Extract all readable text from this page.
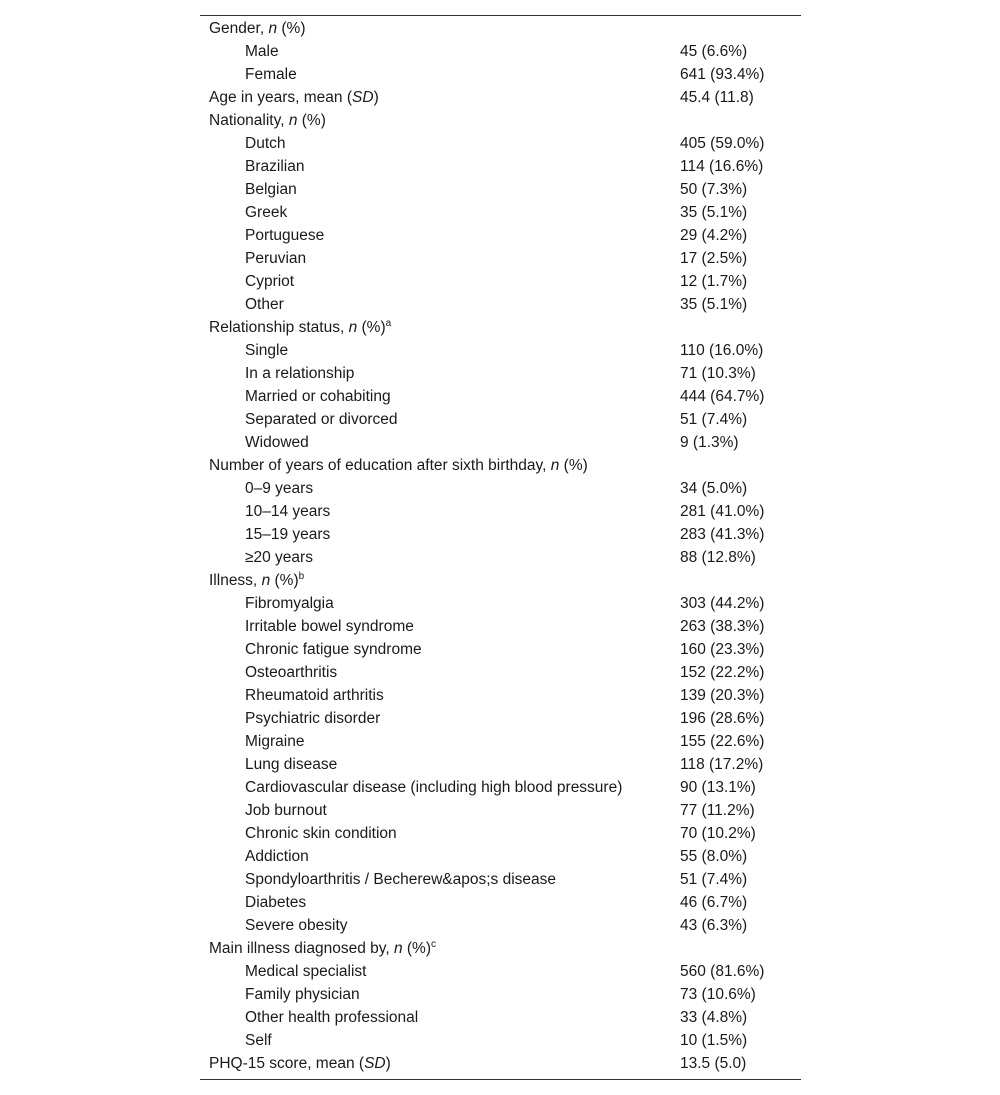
Gender, n (%)
Male	45 (6.6%)
Female	641 (93.4%)
Age in years, mean (SD)	45.4 (11.8)
Nationality, n (%)
Dutch	405 (59.0%)
Brazilian	114 (16.6%)
Belgian	50 (7.3%)
Greek	35 (5.1%)
Portuguese	29 (4.2%)
Peruvian	17 (2.5%)
Cypriot	12 (1.7%)
Other	35 (5.1%)
Relationship status, n (%)$^a$
Single	110 (16.0%)
In a relationship	71 (10.3%)
Married or cohabiting	444 (64.7%)
Separated or divorced	51 (7.4%)
Widowed	9 (1.3%)
Number of years of education after sixth birthday, n (%)
0–9 years	34 (5.0%)
10–14 years	281 (41.0%)
15–19 years	283 (41.3%)
≥20 years	88 (12.8%)
Illness, n (%)$^b$
Fibromyalgia	303 (44.2%)
Irritable bowel syndrome	263 (38.3%)
Chronic fatigue syndrome	160 (23.3%)
Osteoarthritis	152 (22.2%)
Rheumatoid arthritis	139 (20.3%)
Psychiatric disorder	196 (28.6%)
Migraine	155 (22.6%)
Lung disease	118 (17.2%)
Cardiovascular disease (including high blood pressure)	90 (13.1%)
Job burnout	77 (11.2%)
Chronic skin condition	70 (10.2%)
Addiction	55 (8.0%)
Spondyloarthritis / Becherew&apos;s disease	51 (7.4%)
Diabetes	46 (6.7%)
Severe obesity	43 (6.3%)
Main illness diagnosed by, n (%)$^c$
Medical specialist	560 (81.6%)
Family physician	73 (10.6%)
Other health professional	33 (4.8%)
Self	10 (1.5%)
PHQ-15 score, mean (SD)	13.5 (5.0)
